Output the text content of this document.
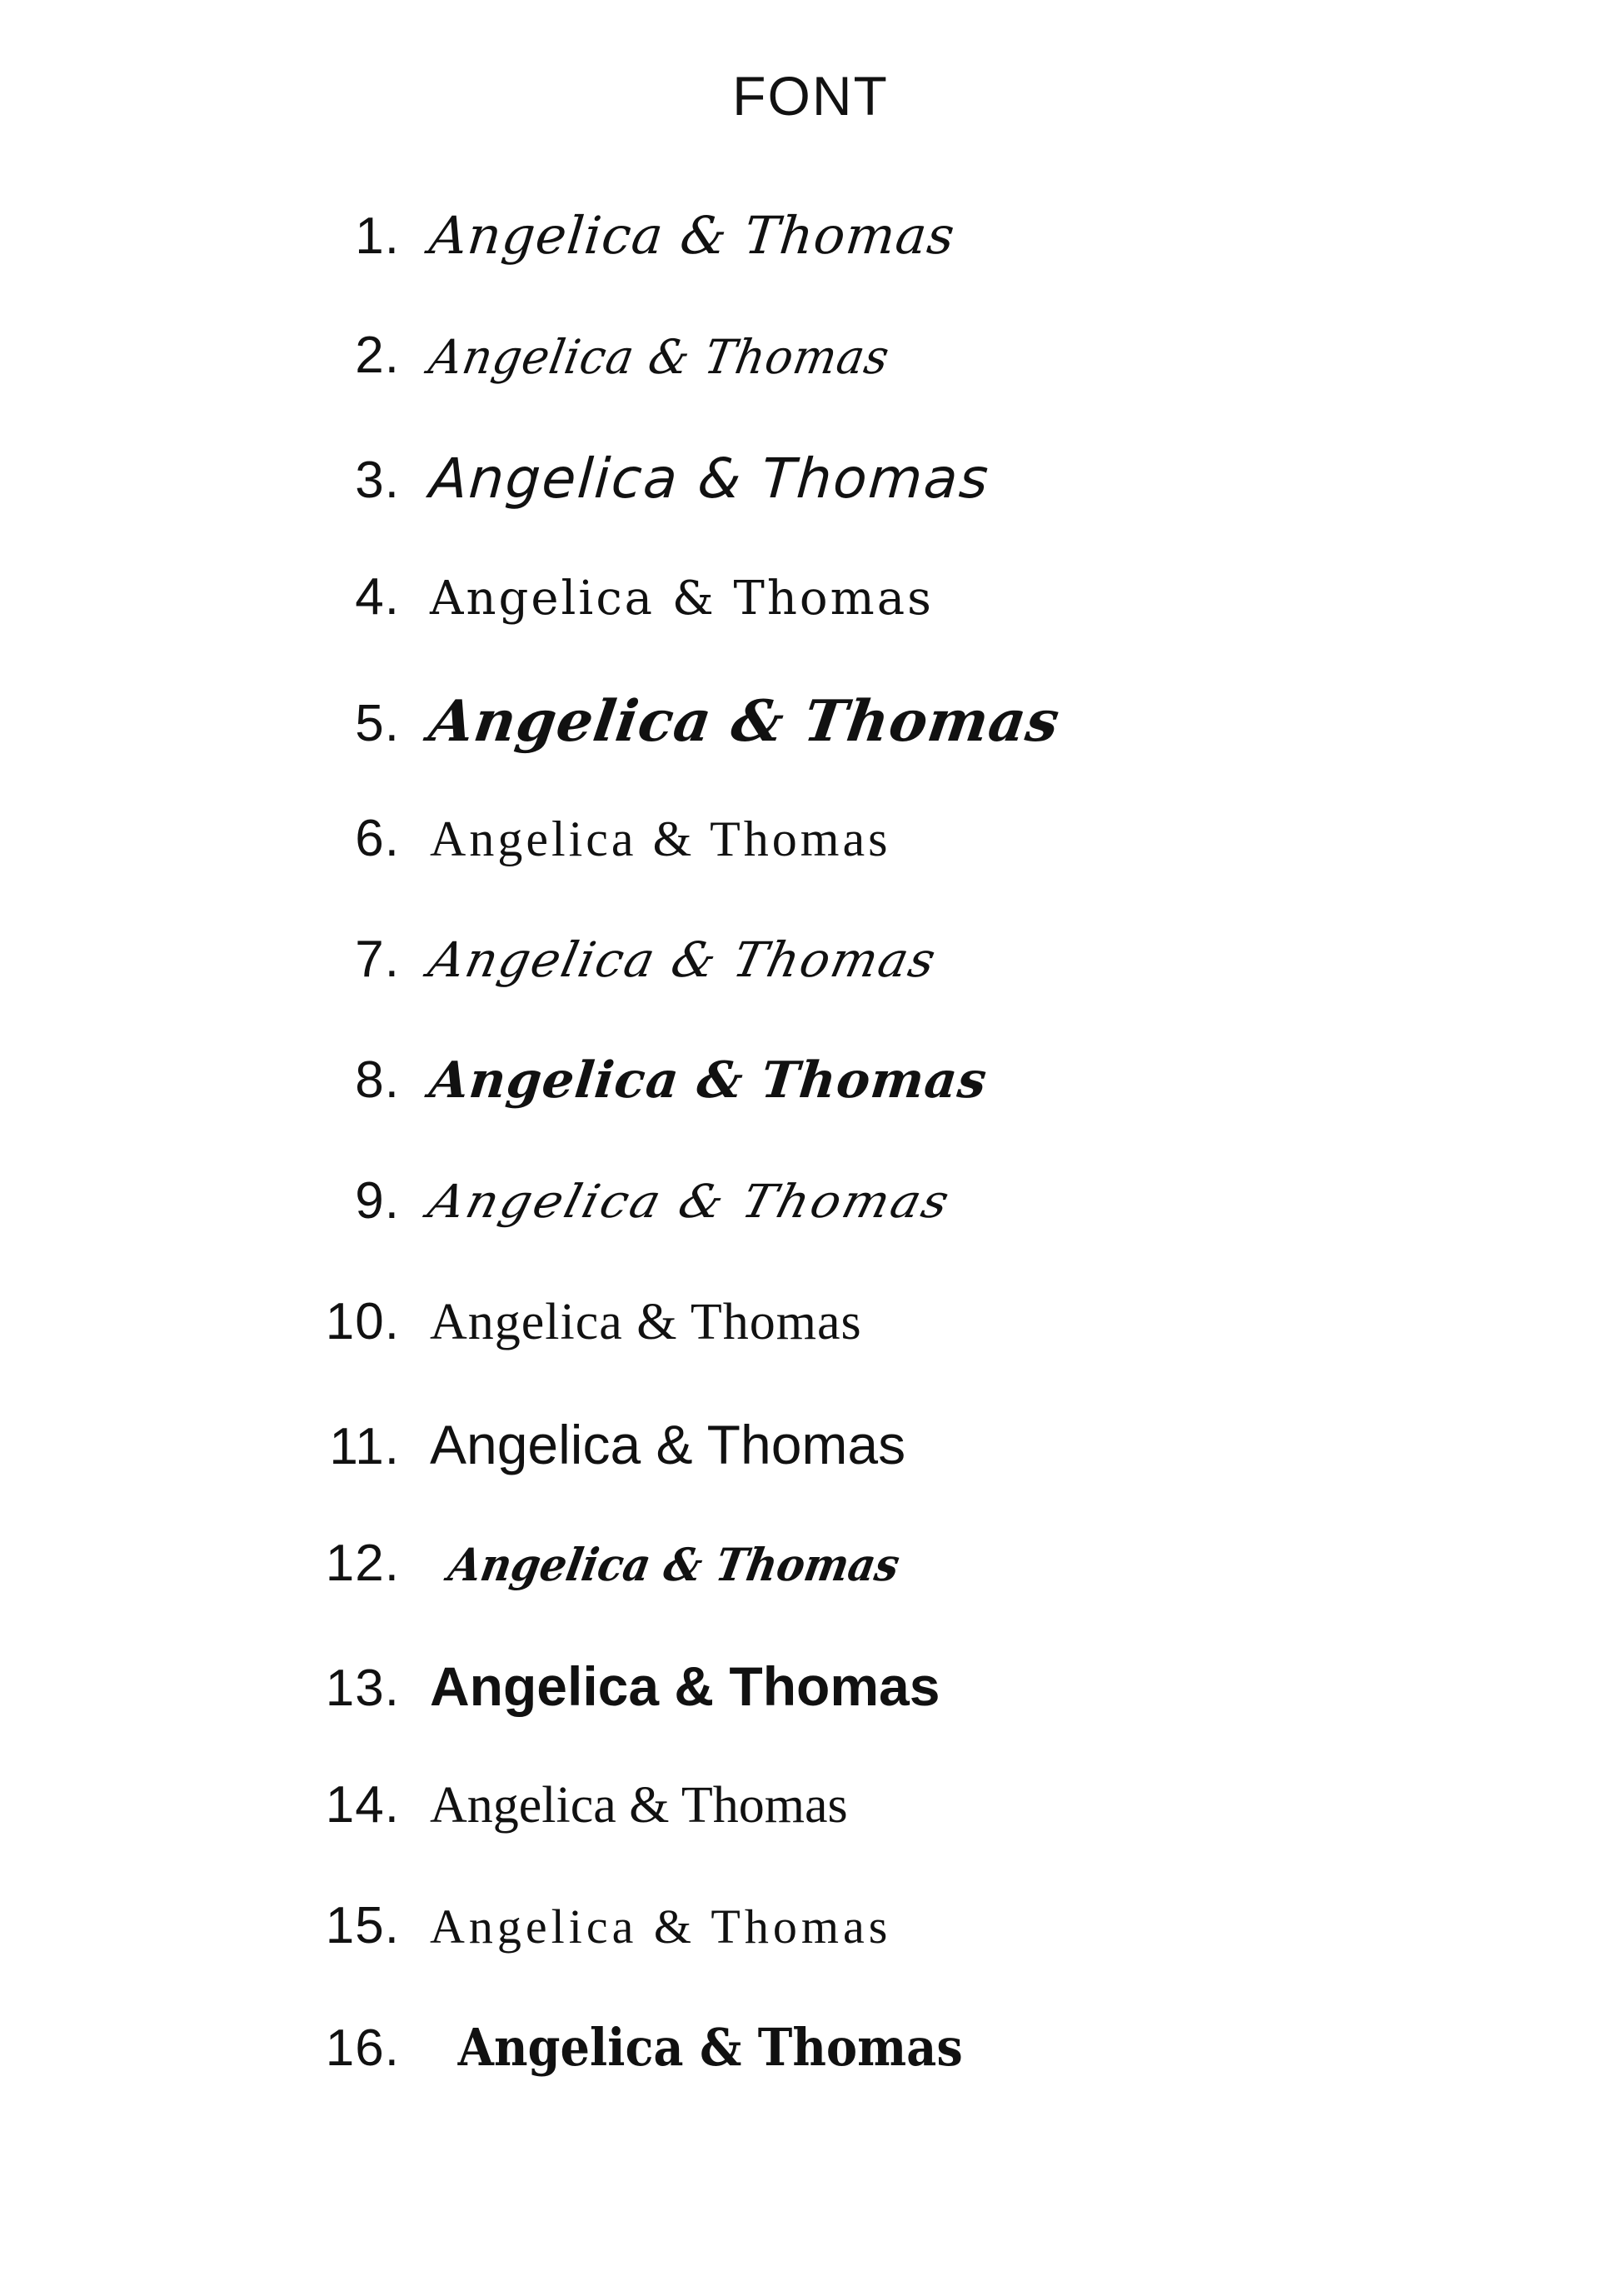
FONT
1. Angelica & Thomas
2. Angelica & Thomas
3. Angelica & Thomas
4. Angelica & Thomas
5. Angelica & Thomas
6. Angelica & Thomas
7. Angelica & Thomas
8. Angelica & Thomas
9. Angelica & Thomas
10. Angelica & Thomas
11. Angelica & Thomas
12. Angelica & Thomas
13. Angelica & Thomas
14. Angelica & Thomas
15. Angelica & Thomas
16. Angelica & Thomas
